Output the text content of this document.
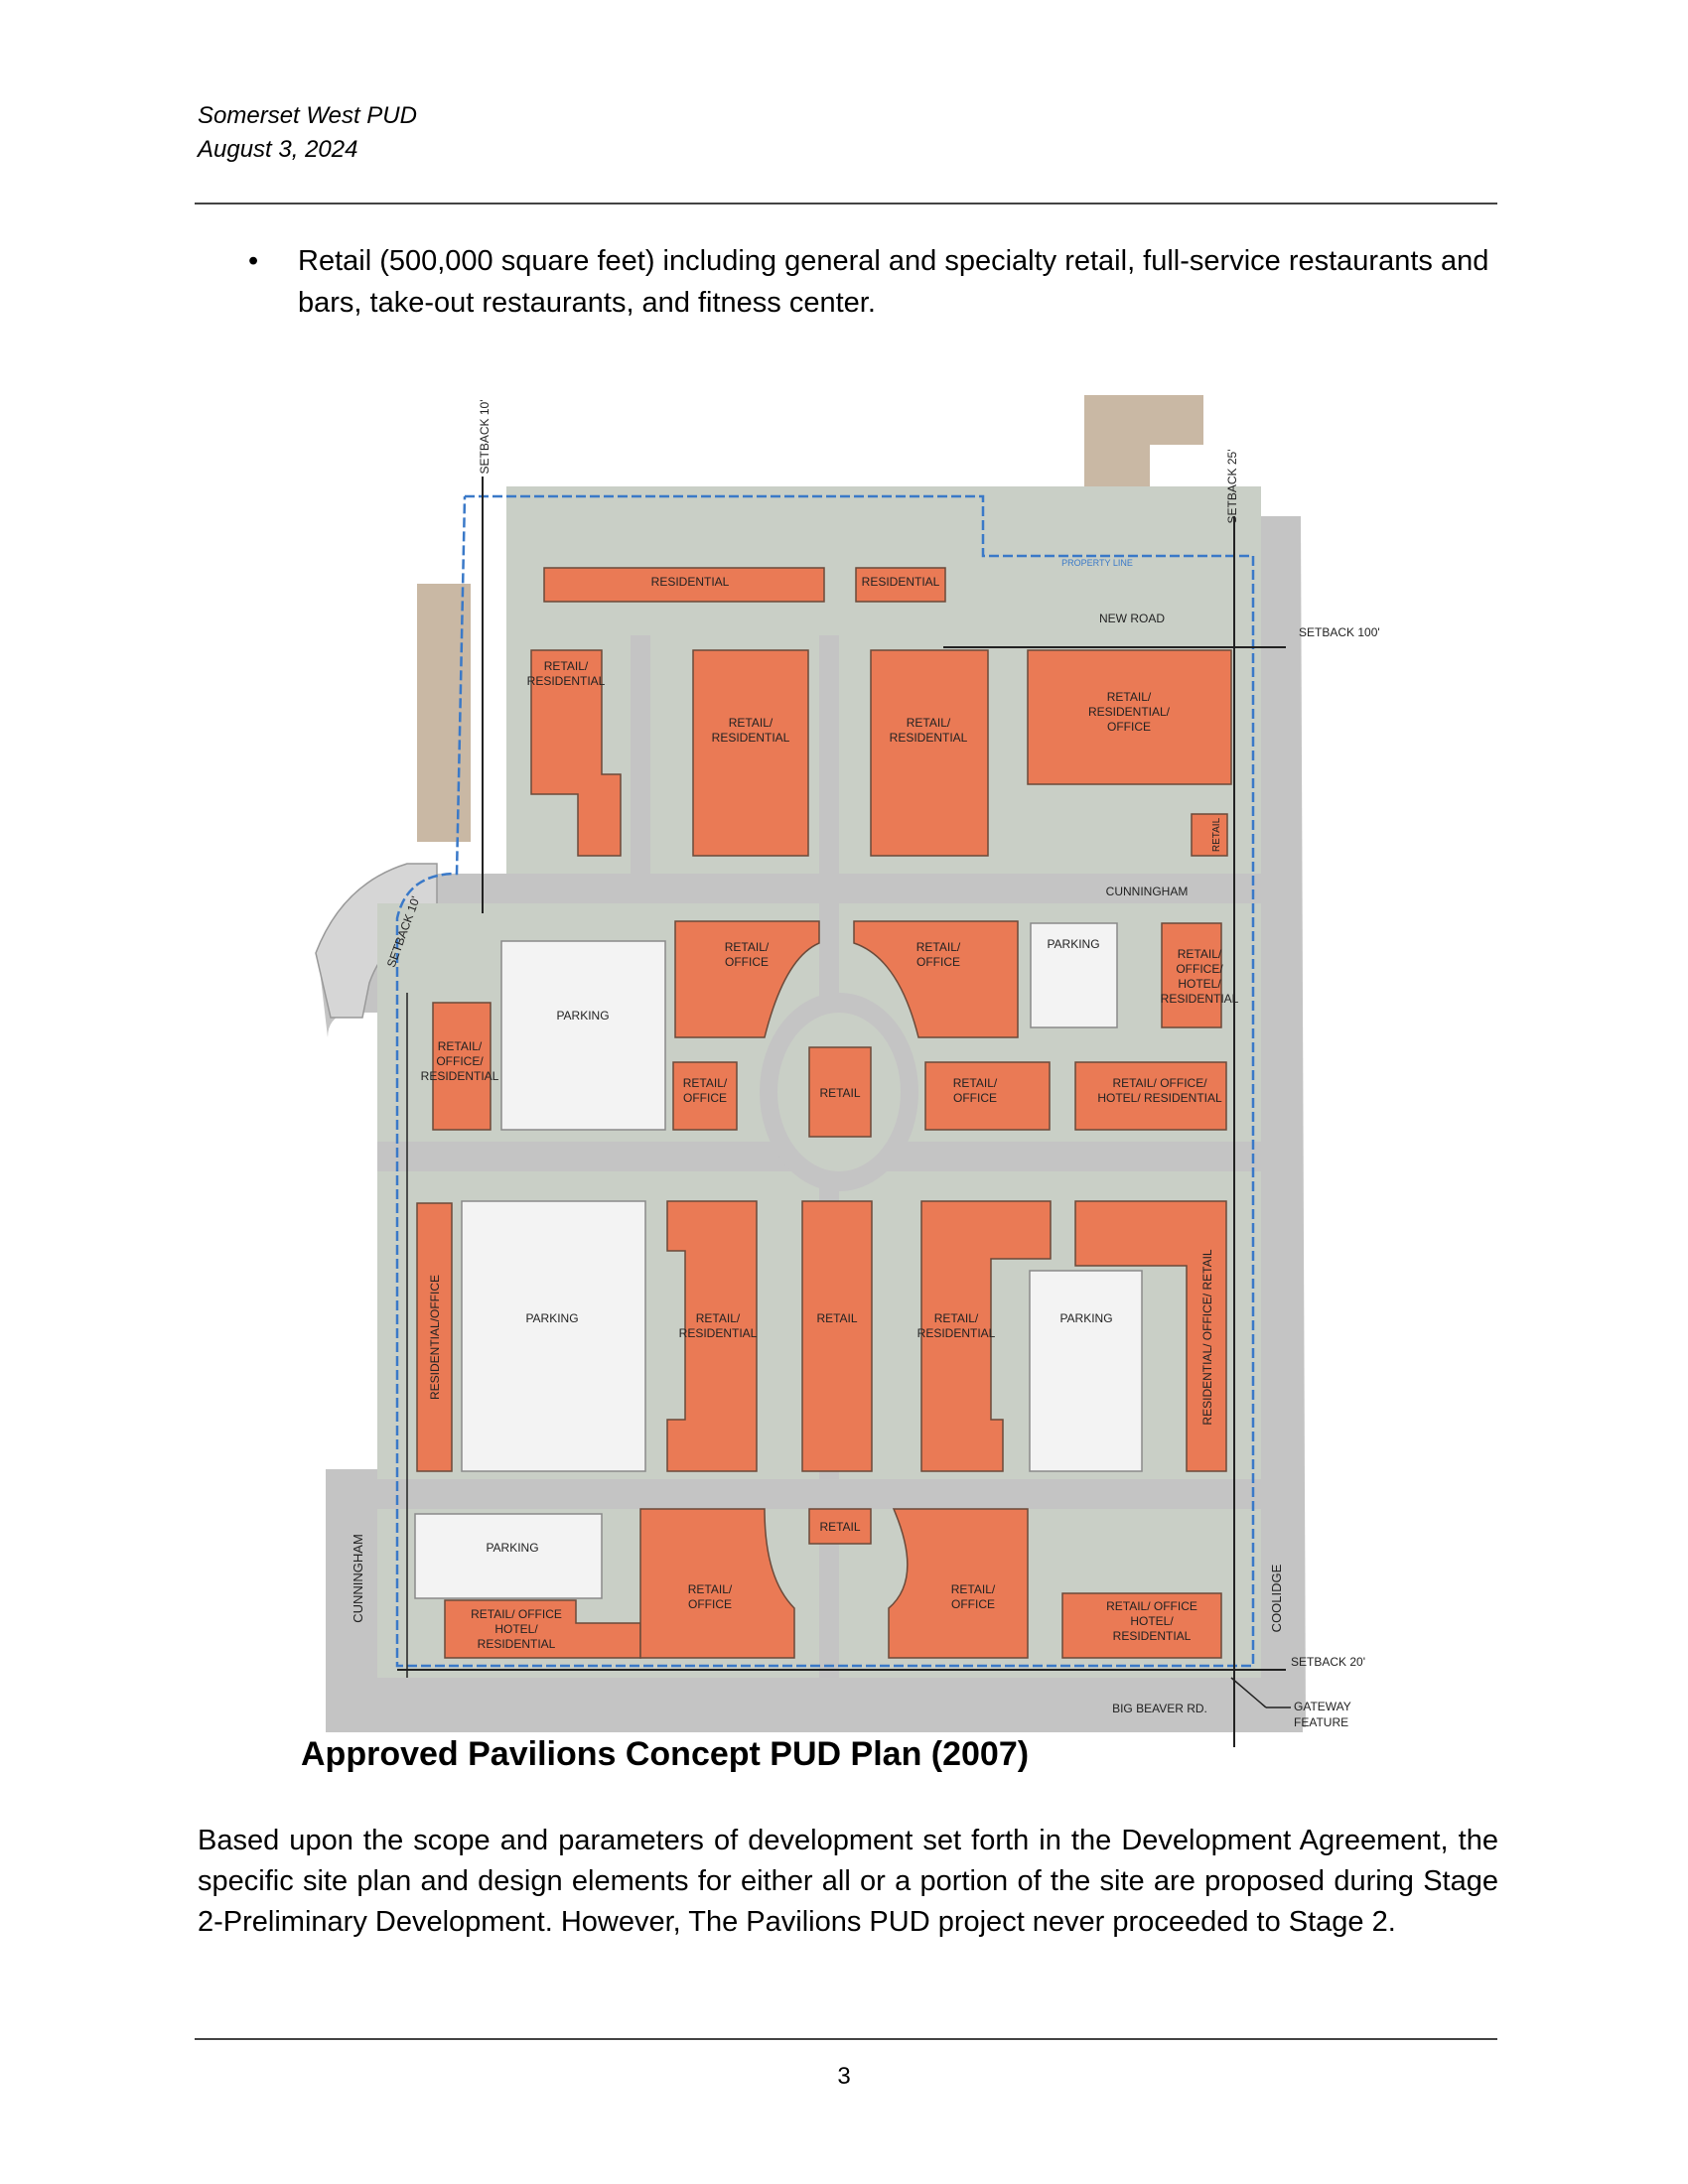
Somerset West PUD
August 3, 2024
•	Retail (500,000 square feet) including general and specialty retail, full-service restaurants and bars, take-out restaurants, and fitness center.
RESIDENTIAL	RESIDENTIAL
RETAIL/
RESIDENTIAL
RETAIL/
RESIDENTIAL
RETAIL/
RESIDENTIAL
RETAIL/
RESIDENTIAL/
OFFICE
RETAIL/
OFFICE
RETAIL/
OFFICE
PARKING
PARKING
RETAIL/
OFFICE/
HOTEL/
RESIDENTIAL
RETAIL/
OFFICE/
RESIDENTIAL	RETAIL/
OFFICE	RETAIL
RETAIL/
OFFICE
RETAIL/ OFFICE/
HOTEL/ RESIDENTIAL
PARKING	RETAIL/
RESIDENTIAL
RETAIL	RETAIL/
RESIDENTIAL
PARKING
PARKING
RETAIL
RETAIL/
OFFICE
RETAIL/
OFFICE
RETAIL/ OFFICE
HOTEL/
RESIDENTIAL
RETAIL/ OFFICE
HOTEL/
RESIDENTIAL
NEW ROAD
CUNNINGHAM
BIG BEAVER RD.
PROPERTY LINE
SETBACK 100'
SETBACK 20'
GATEWAY
FEATURE
SETBACK 10'
SETBACK 25'
SETBACK 10'
RETAIL
RESIDENTIAL/OFFICE	RESIDENTIAL/ OFFICE/ RETAIL
CUNNINGHAM	COOLIDGE
Approved Pavilions Concept PUD Plan (2007)
Based upon the scope and parameters of development set forth in the Development Agreement, the specific site plan and design elements for either all or a portion of the site are proposed during Stage 2-Preliminary Development. However, The Pavilions PUD project never proceeded to Stage 2.
3
